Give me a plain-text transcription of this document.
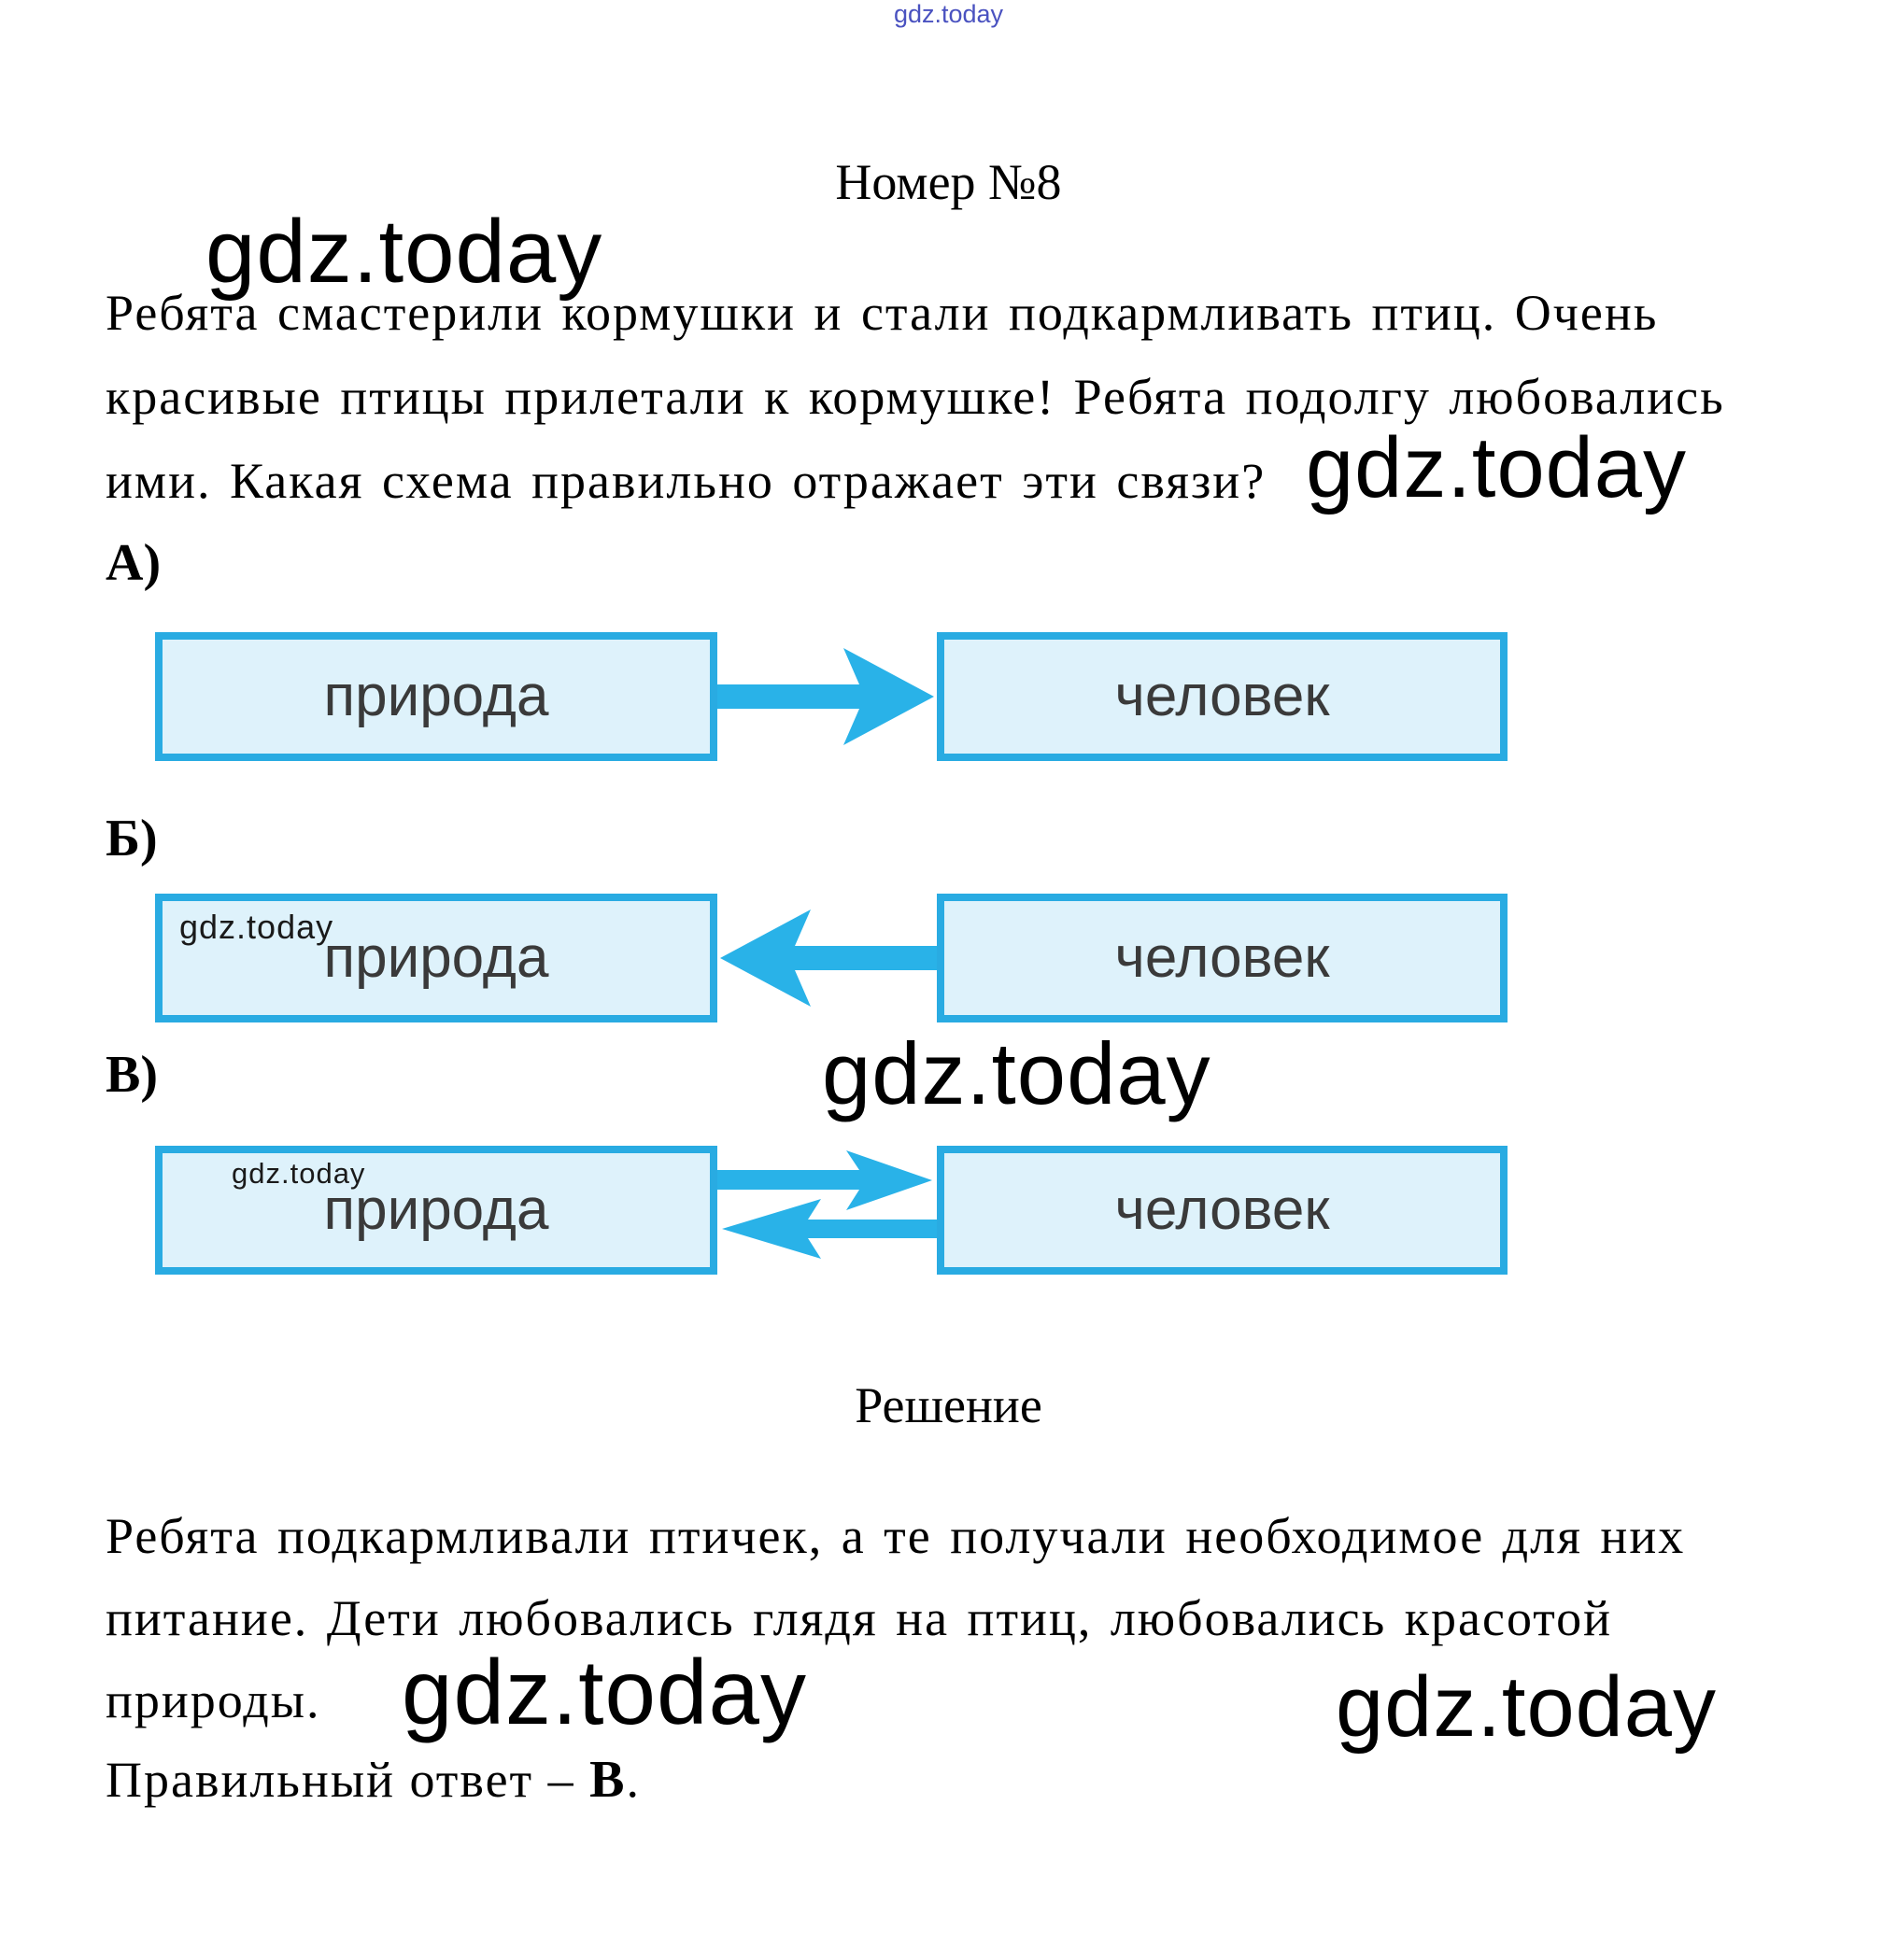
gdz.today
Номер №8
gdz.today
gdz.today
Ребята смастерили кормушки и стали подкармливать птиц. Очень
красивые птицы прилетали к кормушке! Ребята подолгу любовались
ими. Какая схема правильно отражает эти связи?
А)
природа	человек
Б)
gdz.today
природа	человек
gdz.today
В)
gdz.today
природа	человек
Решение
Ребята подкармливали птичек, а те получали необходимое для них
питание. Дети любовались глядя на птиц, любовались красотой
природы. gdz.today	gdz.today
Правильный ответ – В.
